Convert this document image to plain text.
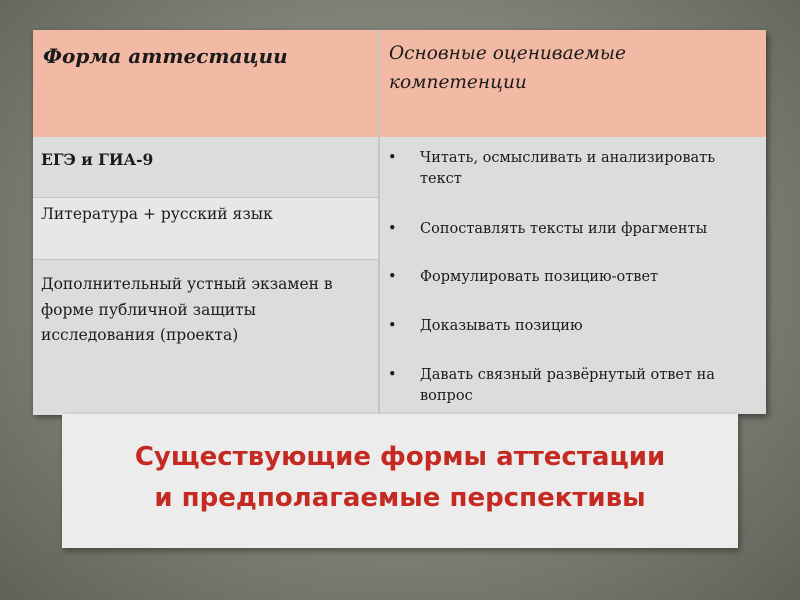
Форма аттестации	Основные оцениваемые компетенции
ЕГЭ и ГИА-9
Литература + русский язык
Дополнительный устный экзамен в форме публичной защиты исследования (проекта)
• Читать, осмысливать и анализировать текст
• Сопоставлять тексты или фрагменты
• Формулировать позицию-ответ
• Доказывать позицию
• Давать связный развёрнутый ответ на вопрос
Существующие формы аттестации
и предполагаемые перспективы
